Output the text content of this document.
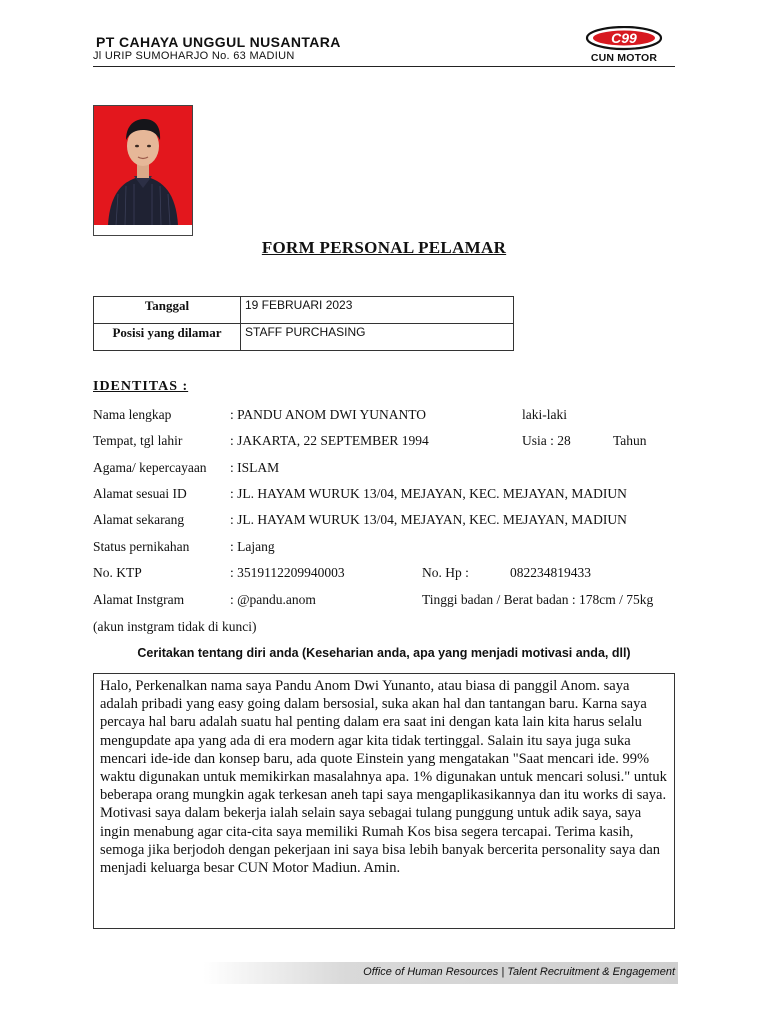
PT CAHAYA UNGGUL NUSANTARA
Jl URIP SUMOHARJO No. 63 MADIUN
C99
CUN MOTOR
FORM PERSONAL PELAMAR
Tanggal	19 FEBRUARI 2023
Posisi yang dilamar	STAFF PURCHASING
IDENTITAS :
Nama lengkap	: PANDU ANOM DWI YUNANTO	laki-laki
Tempat, tgl lahir	: JAKARTA, 22 SEPTEMBER 1994	Usia : 28	Tahun
Agama/ kepercayaan : ISLAM
Alamat sesuai ID	: JL. HAYAM WURUK 13/04, MEJAYAN, KEC. MEJAYAN, MADIUN
Alamat sekarang	: JL. HAYAM WURUK 13/04, MEJAYAN, KEC. MEJAYAN, MADIUN
Status pernikahan	: Lajang
No. KTP	: 3519112209940003	No. Hp :	082234819433
Alamat Instgram	: @pandu.anom	Tinggi badan / Berat badan : 178cm / 75kg
(akun instgram tidak di kunci)
Ceritakan tentang diri anda (Keseharian anda, apa yang menjadi motivasi anda, dll)
Halo, Perkenalkan nama saya Pandu Anom Dwi Yunanto, atau biasa di panggil Anom. saya adalah pribadi yang easy going dalam bersosial, suka akan hal dan tantangan baru. Karna saya percaya hal baru adalah suatu hal penting dalam era saat ini dengan kata lain kita harus selalu mengupdate apa yang ada di era modern agar kita tidak tertinggal. Salain itu saya juga suka mencari ide-ide dan konsep baru, ada quote Einstein yang mengatakan "Saat mencari ide. 99% waktu digunakan untuk memikirkan masalahnya apa. 1% digunakan untuk mencari solusi." untuk beberapa orang mungkin agak terkesan aneh tapi saya mengaplikasikannya dan itu works di saya. Motivasi saya dalam bekerja ialah selain saya sebagai tulang punggung untuk adik saya, saya ingin menabung agar cita-cita saya memiliki Rumah Kos bisa segera tercapai. Terima kasih, semoga jika berjodoh dengan pekerjaan ini saya bisa lebih banyak bercerita personality saya dan menjadi keluarga besar CUN Motor Madiun. Amin.
Office of Human Resources | Talent Recruitment & Engagement
